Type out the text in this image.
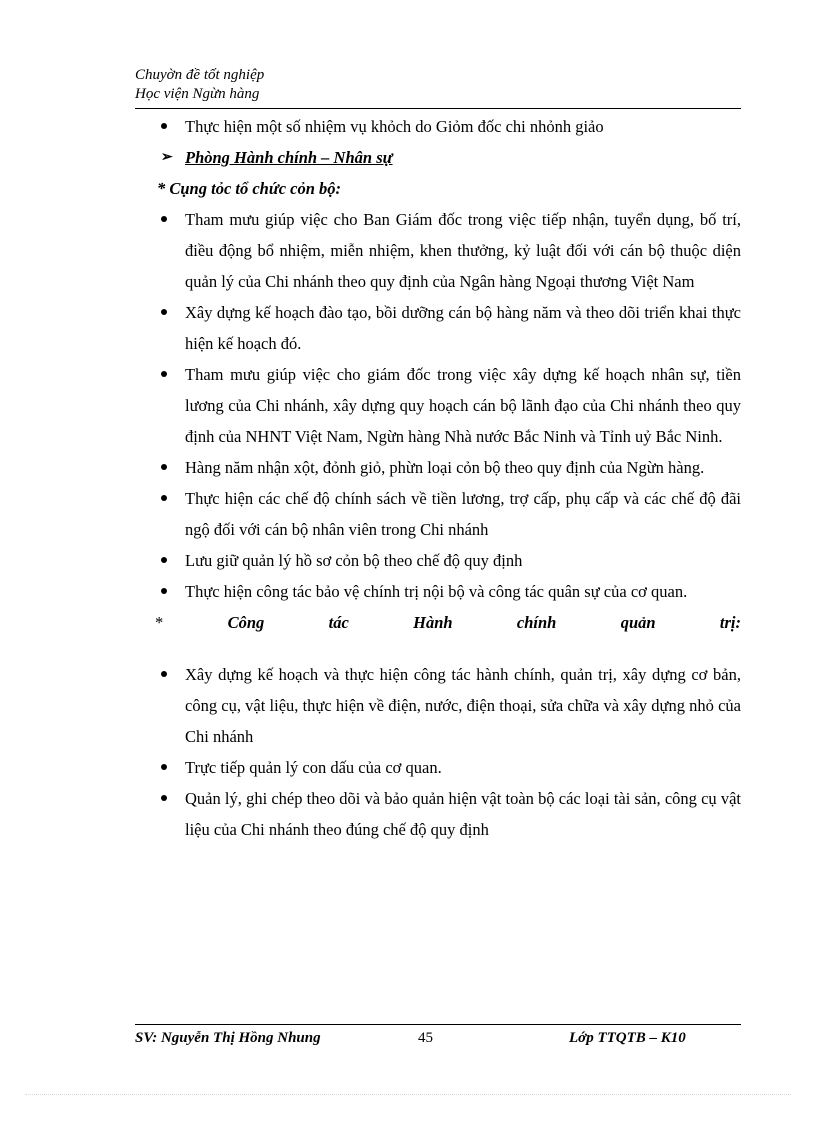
Chuyờn đề tốt nghiệp
Học viện Ngừn hàng
Thực hiện một số nhiệm vụ khỏch do Giỏm đốc chi nhỏnh giảo
➢ Phòng Hành chính – Nhân sự
* Cụng tỏc tổ chức cỏn bộ:
Tham mưu giúp việc cho Ban Giám đốc trong việc tiếp nhận, tuyển dụng, bố trí, điều động bổ nhiệm, miễn nhiệm, khen thưởng, kỷ luật đối với cán bộ thuộc diện quản lý của Chi nhánh theo quy định của Ngân hàng Ngoại thương Việt Nam
Xây dựng kế hoạch đào tạo, bồi dưỡng cán bộ hàng năm và theo dõi triển khai thực hiện kế hoạch đó.
Tham mưu giúp việc cho giám đốc trong việc xây dựng kế hoạch nhân sự, tiền lương của Chi nhánh, xây dựng quy hoạch cán bộ lãnh đạo của Chi nhánh theo quy định của NHNT Việt Nam, Ngừn hàng Nhà nước Bắc Ninh và Tỉnh uỷ Bắc Ninh.
Hàng năm nhận xột, đỏnh giỏ, phừn loại cỏn bộ theo quy định của Ngừn hàng.
Thực hiện các chế độ chính sách về tiền lương, trợ cấp, phụ cấp và các chế độ đãi ngộ đối với cán bộ nhân viên trong Chi nhánh
Lưu giữ quản lý hồ sơ cỏn bộ theo chế độ quy định
Thực hiện công tác bảo vệ chính trị nội bộ và công tác quân sự của cơ quan.
*	Công	tác	Hành	chính	quản	trị:
Xây dựng kế hoạch và thực hiện công tác hành chính, quản trị, xây dựng cơ bản, công cụ, vật liệu, thực hiện về điện, nước, điện thoại, sửa chữa và xây dựng nhỏ của Chi nhánh
Trực tiếp quản lý con dấu của cơ quan.
Quản lý, ghi chép theo dõi và bảo quản hiện vật toàn bộ các loại tài sản, công cụ vật liệu của Chi nhánh theo đúng chế độ quy định
SV: Nguyễn Thị Hồng Nhung	45	Lớp TTQTB – K10
